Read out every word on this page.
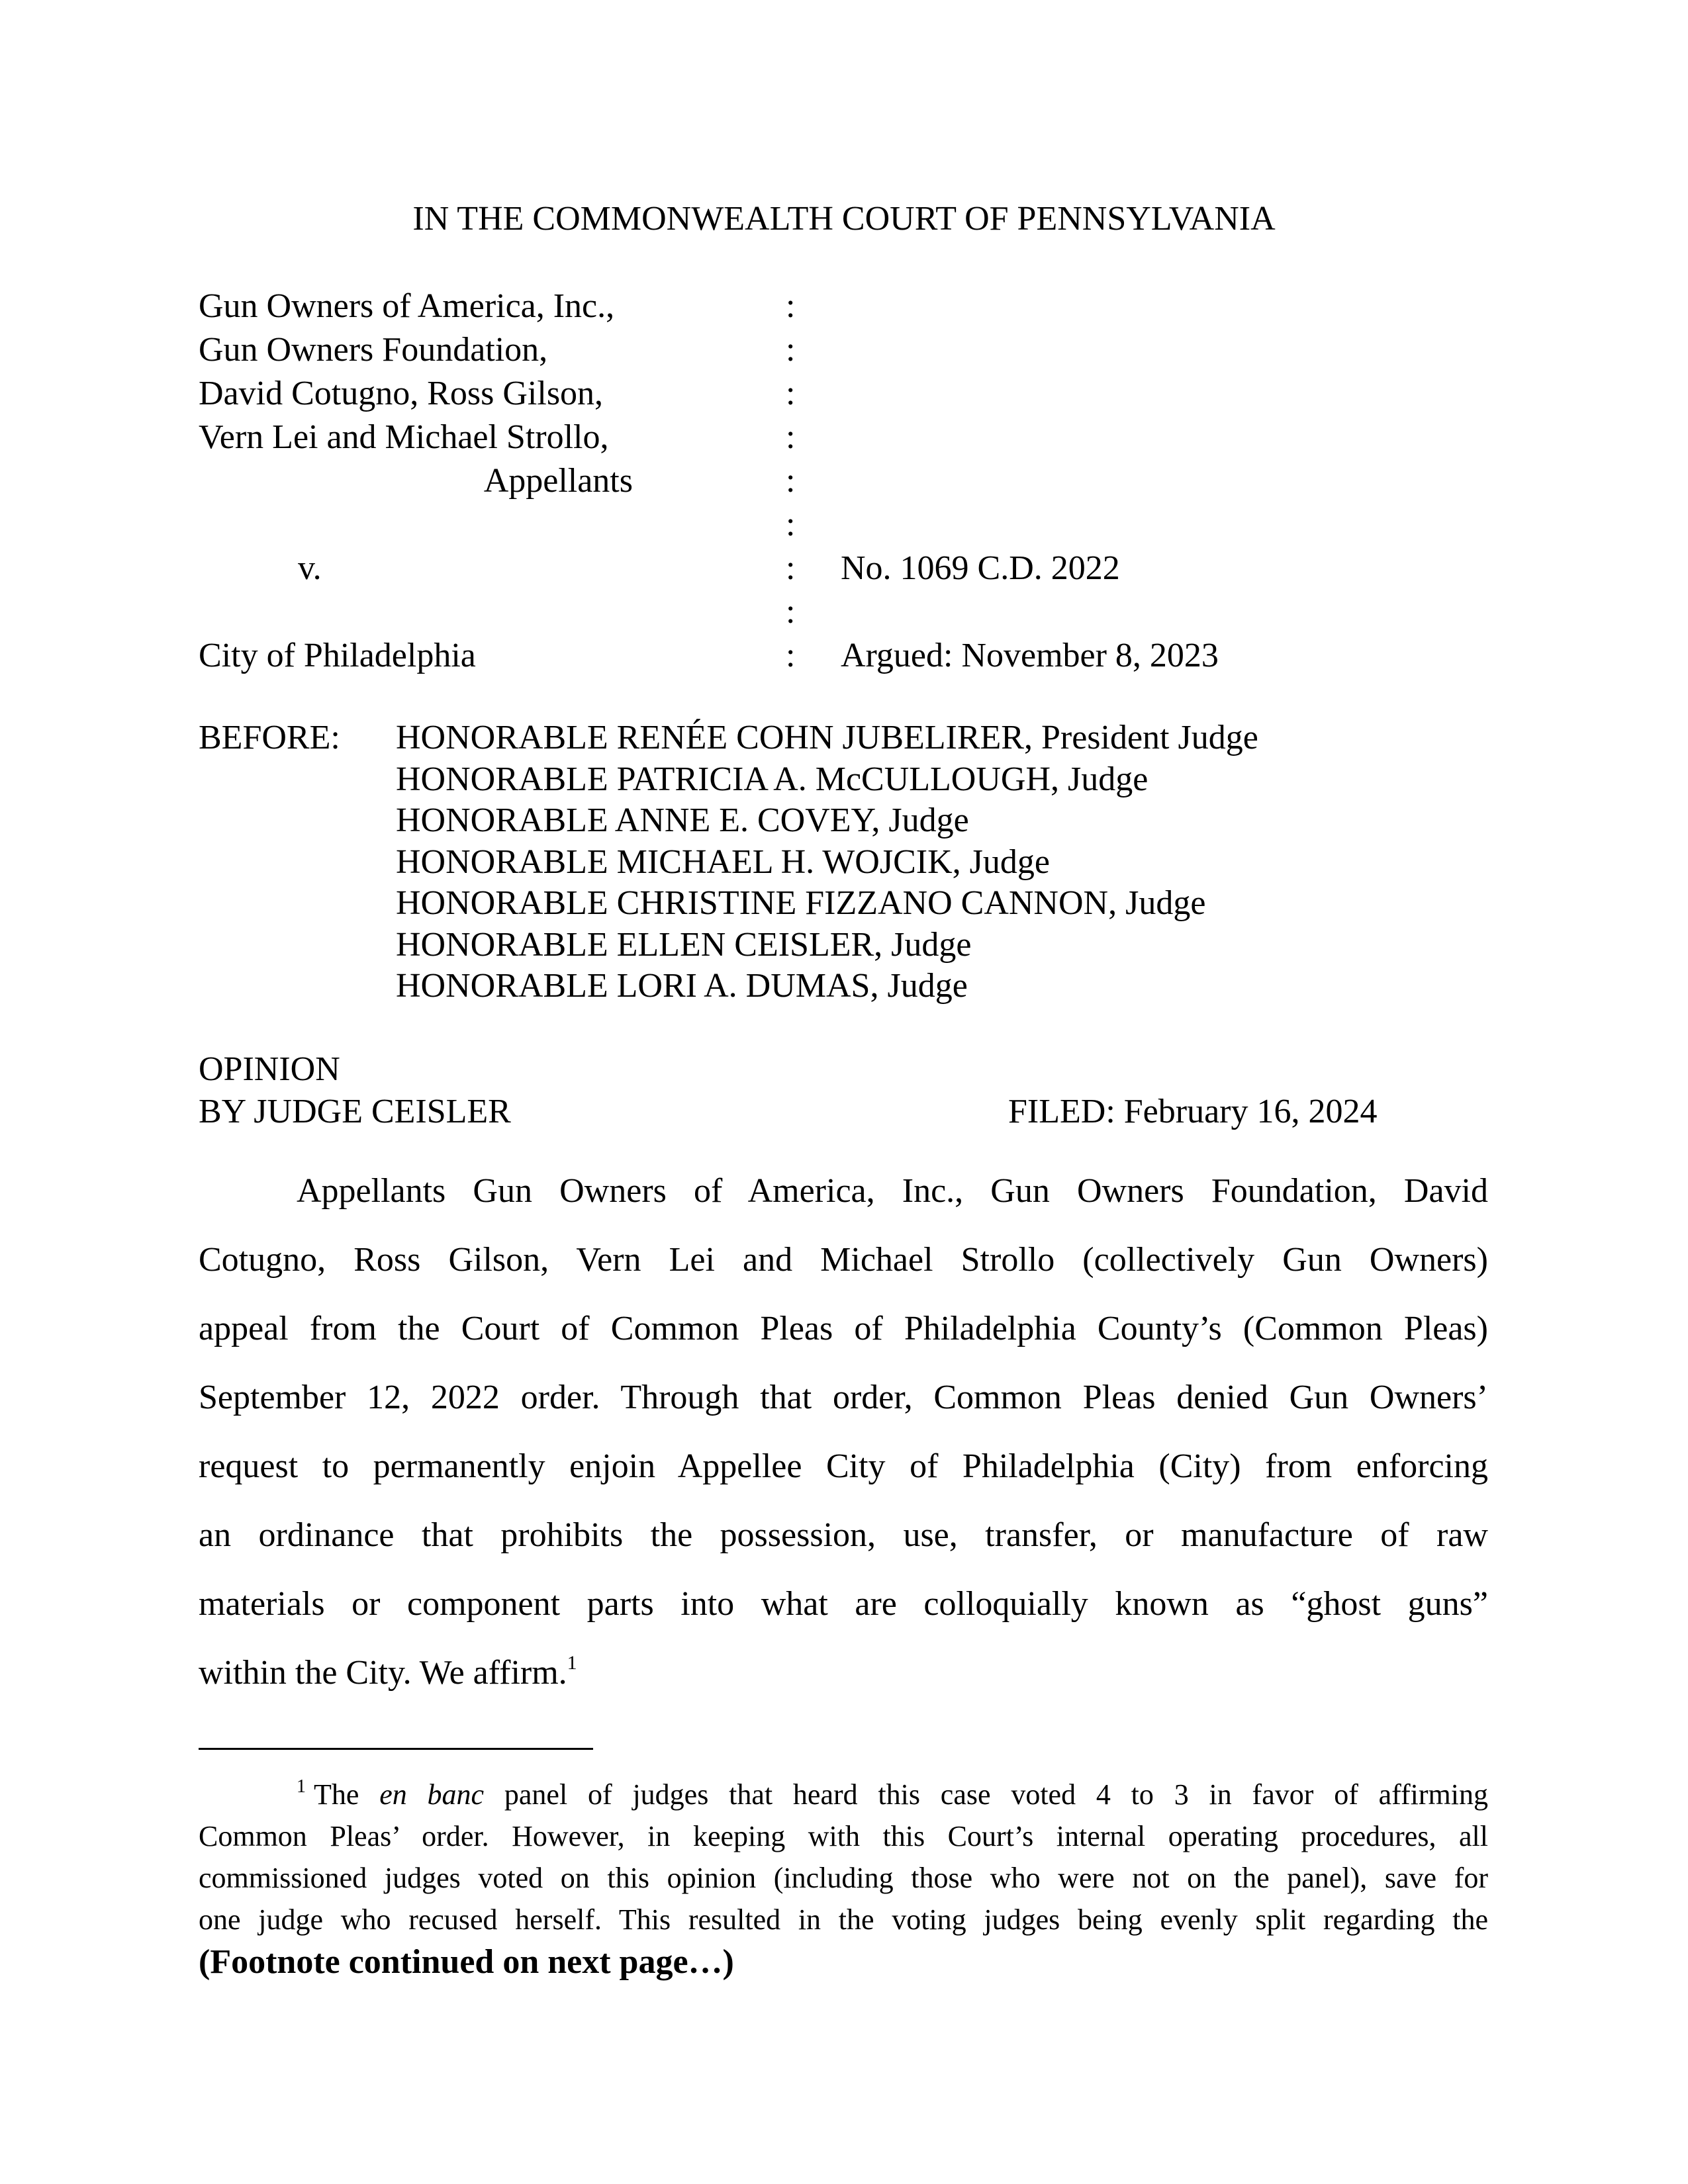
IN THE COMMONWEALTH COURT OF PENNSYLVANIA
Gun Owners of America, Inc.,
Gun Owners Foundation,
David Cotugno, Ross Gilson,
Vern Lei and Michael Strollo,
Appellants
v.
City of Philadelphia
:
:
:
:
:
:
:
:
:
No. 1069 C.D. 2022
Argued: November 8, 2023
BEFORE: HONORABLE RENÉE COHN JUBELIRER, President Judge
HONORABLE PATRICIA A. McCULLOUGH, Judge
HONORABLE ANNE E. COVEY, Judge
HONORABLE MICHAEL H. WOJCIK, Judge
HONORABLE CHRISTINE FIZZANO CANNON, Judge
HONORABLE ELLEN CEISLER, Judge
HONORABLE LORI A. DUMAS, Judge
OPINION
BY JUDGE CEISLER	FILED: February 16, 2024
Appellants Gun Owners of America, Inc., Gun Owners Foundation, David
Cotugno, Ross Gilson, Vern Lei and Michael Strollo (collectively Gun Owners)
appeal from the Court of Common Pleas of Philadelphia County’s (Common Pleas)
September 12, 2022 order. Through that order, Common Pleas denied Gun Owners’
request to permanently enjoin Appellee City of Philadelphia (City) from enforcing
an ordinance that prohibits the possession, use, transfer, or manufacture of raw
materials or component parts into what are colloquially known as “ghost guns”
within the City. We affirm.$^1$
$^1$ The en banc panel of judges that heard this case voted 4 to 3 in favor of affirming
Common Pleas’ order. However, in keeping with this Court’s internal operating procedures, all
commissioned judges voted on this opinion (including those who were not on the panel), save for
one judge who recused herself. This resulted in the voting judges being evenly split regarding the
(Footnote continued on next page…)
